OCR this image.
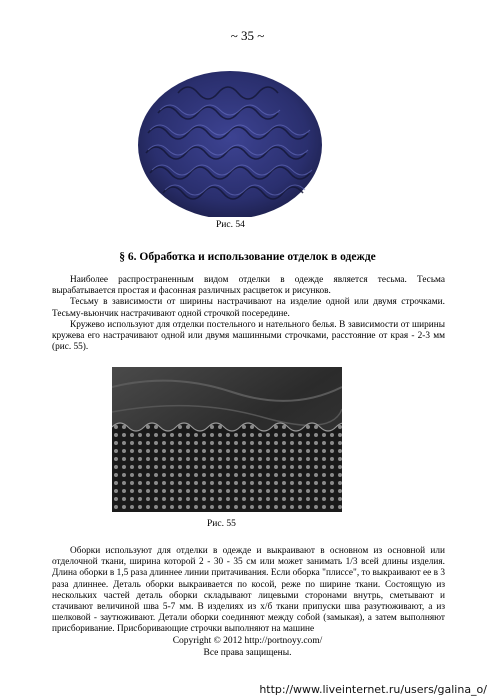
~ 35 ~
Рис. 54
§ 6. Обработка и использование отделок в одежде

Наиболее распространенным видом отделки в одежде является тесьма. Тесьма вырабатывается простая и фасонная различных расцветок и рисунков.

Тесьму в зависимости от ширины настрачивают на изделие одной или двумя строчками. Тесьму-вьюнчик настрачивают одной строчкой посередине.

Кружево используют для отделки постельного и нательного белья. В зависимости от ширины кружева его настрачивают одной или двумя машинными строчками, расстояние от края - 2-3 мм (рис. 55).

Рис. 55

Оборки используют для отделки в одежде и выкраивают в основном из основной или отделочной ткани, ширина которой 2 - 30 - 35 см или может занимать 1/3 всей длины изделия. Длина оборки в 1,5 раза длиннее линии притачивания. Если оборка "плиссе", то выкраивают ее в 3 раза длиннее. Деталь оборки выкраивается по косой, реже по ширине ткани. Состоящую из нескольких частей деталь оборки складывают лицевыми сторонами внутрь, сметывают и стачивают величиной шва 5-7 мм. В изделиях из х/б ткани припуски шва разутюживают, а из шелковой - заутюживают. Детали оборки соединяют между собой (замыкая), а затем выполняют присборивание. Присборивающие строчки выполняют на машине

Copyright © 2012 http://portnoyy.com/
Все права защищены.
http://www.liveinternet.ru/users/galina_o/
